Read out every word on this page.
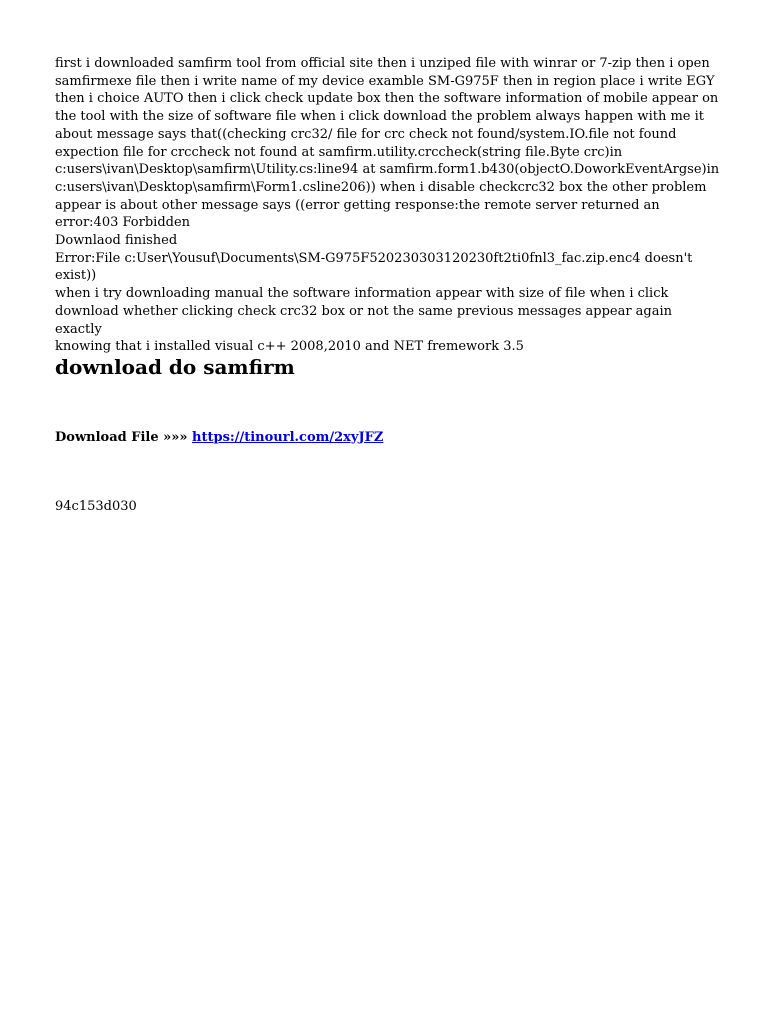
first i downloaded samfirm tool from official site then i unziped file with winrar or 7-zip then i open
samfirmexe file then i write name of my device examble SM-G975F then in region place i write EGY
then i choice AUTO then i click check update box then the software information of mobile appear on
the tool with the size of software file when i click download the problem always happen with me it
about message says that((checking crc32/ file for crc check not found/system.IO.file not found
expection file for crccheck not found at samfirm.utility.crccheck(string file.Byte crc)in
c:users\ivan\Desktop\samfirm\Utility.cs:line94 at samfirm.form1.b430(objectO.DoworkEventArgse)in
c:users\ivan\Desktop\samfirm\Form1.csline206)) when i disable checkcrc32 box the other problem
appear is about other message says ((error getting response:the remote server returned an
error:403 Forbidden
Downlaod finished
Error:File c:User\Yousuf\Documents\SM-G975F520230303120230ft2ti0fnl3_fac.zip.enc4 doesn't
exist))
when i try downloading manual the software information appear with size of file when i click
download whether clicking check crc32 box or not the same previous messages appear again exactly
knowing that i installed visual c++ 2008,2010 and NET fremework 3.5
download do samfirm
Download File »»» https://tinourl.com/2xyJFZ
94c153d030
